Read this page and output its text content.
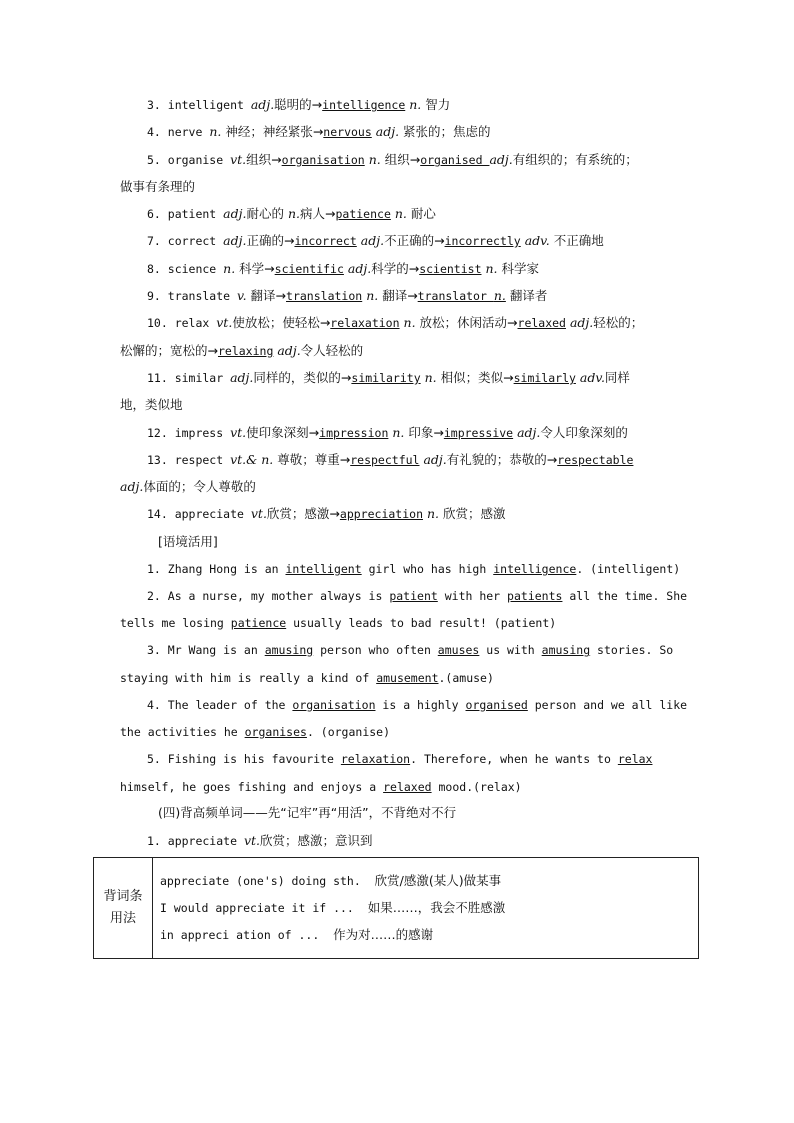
3. intelligent adj.聪明的→intelligence n. 智力
4. nerve n. 神经；神经紧张→nervous adj. 紧张的；焦虑的
5. organise vt.组织→organisation n. 组织→organised adj.有组织的；有系统的；
做事有条理的
6. patient adj.耐心的 n.病人→patience n. 耐心
7. correct adj.正确的→incorrect adj.不正确的→incorrectly adv. 不正确地
8. science n. 科学→scientific adj.科学的→scientist n. 科学家
9. translate v. 翻译→translation n. 翻译→translator n. 翻译者
10. relax vt.使放松；使轻松→relaxation n. 放松；休闲活动→relaxed adj.轻松的；
松懈的；宽松的→relaxing adj.令人轻松的
11. similar adj.同样的，类似的→similarity n. 相似；类似→similarly adv.同样
地，类似地
12. impress vt.使印象深刻→impression n. 印象→impressive adj.令人印象深刻的
13. respect vt.& n. 尊敬；尊重→respectful adj.有礼貌的；恭敬的→respectable
adj.体面的；令人尊敬的
14. appreciate vt.欣赏；感激→appreciation n. 欣赏；感激
[语境活用]
1. Zhang Hong is an intelligent girl who has high intelligence. (intelligent)
2. As a nurse, my mother always is patient with her patients all the time. She
tells me losing patience usually leads to bad result! (patient)
3. Mr Wang is an amusing person who often amuses us with amusing stories. So
staying with him is really a kind of amusement.(amuse)
4. The leader of the organisation is a highly organised person and we all like
the activities he organises. (organise)
5. Fishing is his favourite relaxation. Therefore, when he wants to relax
himself, he goes fishing and enjoys a relaxed mood.(relax)
(四)背高频单词——先“记牢”再“用活”，不背绝对不行
1. appreciate vt.欣赏；感激；意识到
背词条用法
appreciate (one's) doing sth.  欣赏/感激(某人)做某事
I would appreciate it if ...  如果……，我会不胜感激
in appreci ation of ...  作为对……的感谢
